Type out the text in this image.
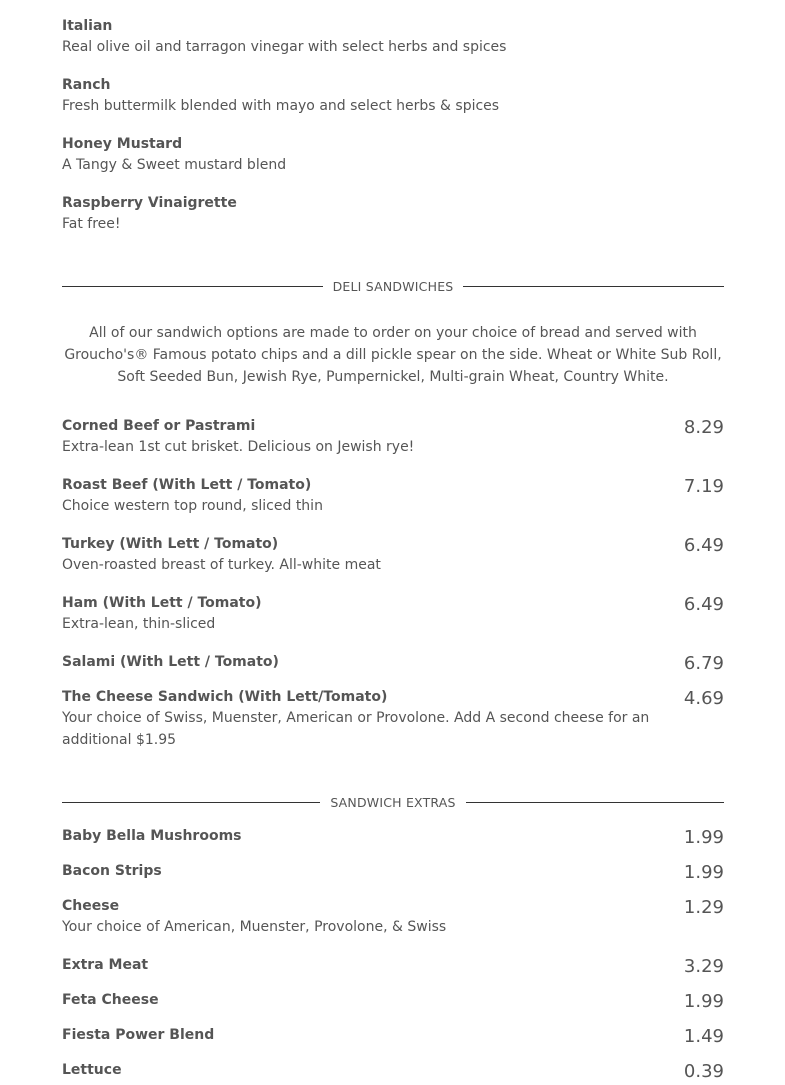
Italian
Real olive oil and tarragon vinegar with select herbs and spices
Ranch
Fresh buttermilk blended with mayo and select herbs & spices
Honey Mustard
A Tangy & Sweet mustard blend
Raspberry Vinaigrette
Fat free!
DELI SANDWICHES
All of our sandwich options are made to order on your choice of bread and served with Groucho's® Famous potato chips and a dill pickle spear on the side. Wheat or White Sub Roll, Soft Seeded Bun, Jewish Rye, Pumpernickel, Multi-grain Wheat, Country White.
Corned Beef or Pastrami
Extra-lean 1st cut brisket. Delicious on Jewish rye!
8.29
Roast Beef (With Lett / Tomato)
Choice western top round, sliced thin
7.19
Turkey (With Lett / Tomato)
Oven-roasted breast of turkey. All-white meat
6.49
Ham (With Lett / Tomato)
Extra-lean, thin-sliced
6.49
Salami (With Lett / Tomato)	6.79
The Cheese Sandwich (With Lett/Tomato)
Your choice of Swiss, Muenster, American or Provolone. Add A second cheese for an additional $1.95
4.69
SANDWICH EXTRAS
Baby Bella Mushrooms	1.99
Bacon Strips	1.99
Cheese
Your choice of American, Muenster, Provolone, & Swiss
1.29
Extra Meat	3.29
Feta Cheese	1.99
Fiesta Power Blend	1.49
Lettuce	0.39
